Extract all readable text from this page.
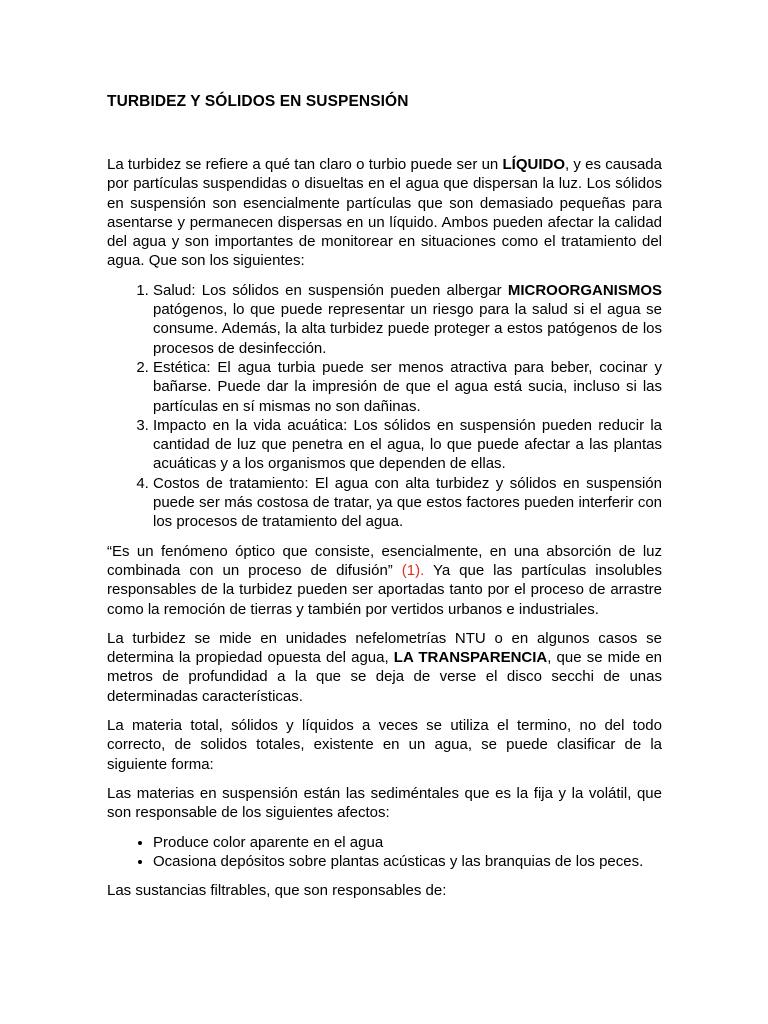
TURBIDEZ Y SÓLIDOS EN SUSPENSIÓN

La turbidez se refiere a qué tan claro o turbio puede ser un LÍQUIDO, y es causada por partículas suspendidas o disueltas en el agua que dispersan la luz. Los sólidos en suspensión son esencialmente partículas que son demasiado pequeñas para asentarse y permanecen dispersas en un líquido. Ambos pueden afectar la calidad del agua y son importantes de monitorear en situaciones como el tratamiento del agua. Que son los siguientes:

1. Salud: Los sólidos en suspensión pueden albergar MICROORGANISMOS patógenos, lo que puede representar un riesgo para la salud si el agua se consume. Además, la alta turbidez puede proteger a estos patógenos de los procesos de desinfección.
2. Estética: El agua turbia puede ser menos atractiva para beber, cocinar y bañarse. Puede dar la impresión de que el agua está sucia, incluso si las partículas en sí mismas no son dañinas.
3. Impacto en la vida acuática: Los sólidos en suspensión pueden reducir la cantidad de luz que penetra en el agua, lo que puede afectar a las plantas acuáticas y a los organismos que dependen de ellas.
4. Costos de tratamiento: El agua con alta turbidez y sólidos en suspensión puede ser más costosa de tratar, ya que estos factores pueden interferir con los procesos de tratamiento del agua.

“Es un fenómeno óptico que consiste, esencialmente, en una absorción de luz combinada con un proceso de difusión” (1). Ya que las partículas insolubles responsables de la turbidez pueden ser aportadas tanto por el proceso de arrastre como la remoción de tierras y también por vertidos urbanos e industriales.

La turbidez se mide en unidades nefelometrías NTU o en algunos casos se determina la propiedad opuesta del agua, LA TRANSPARENCIA, que se mide en metros de profundidad a la que se deja de verse el disco secchi de unas determinadas características.

La materia total, sólidos y líquidos a veces se utiliza el termino, no del todo correcto, de solidos totales, existente en un agua, se puede clasificar de la siguiente forma:

Las materias en suspensión están las sediméntales que es la fija y la volátil, que son responsable de los siguientes afectos:

• Produce color aparente en el agua
• Ocasiona depósitos sobre plantas acústicas y las branquias de los peces.

Las sustancias filtrables, que son responsables de:
